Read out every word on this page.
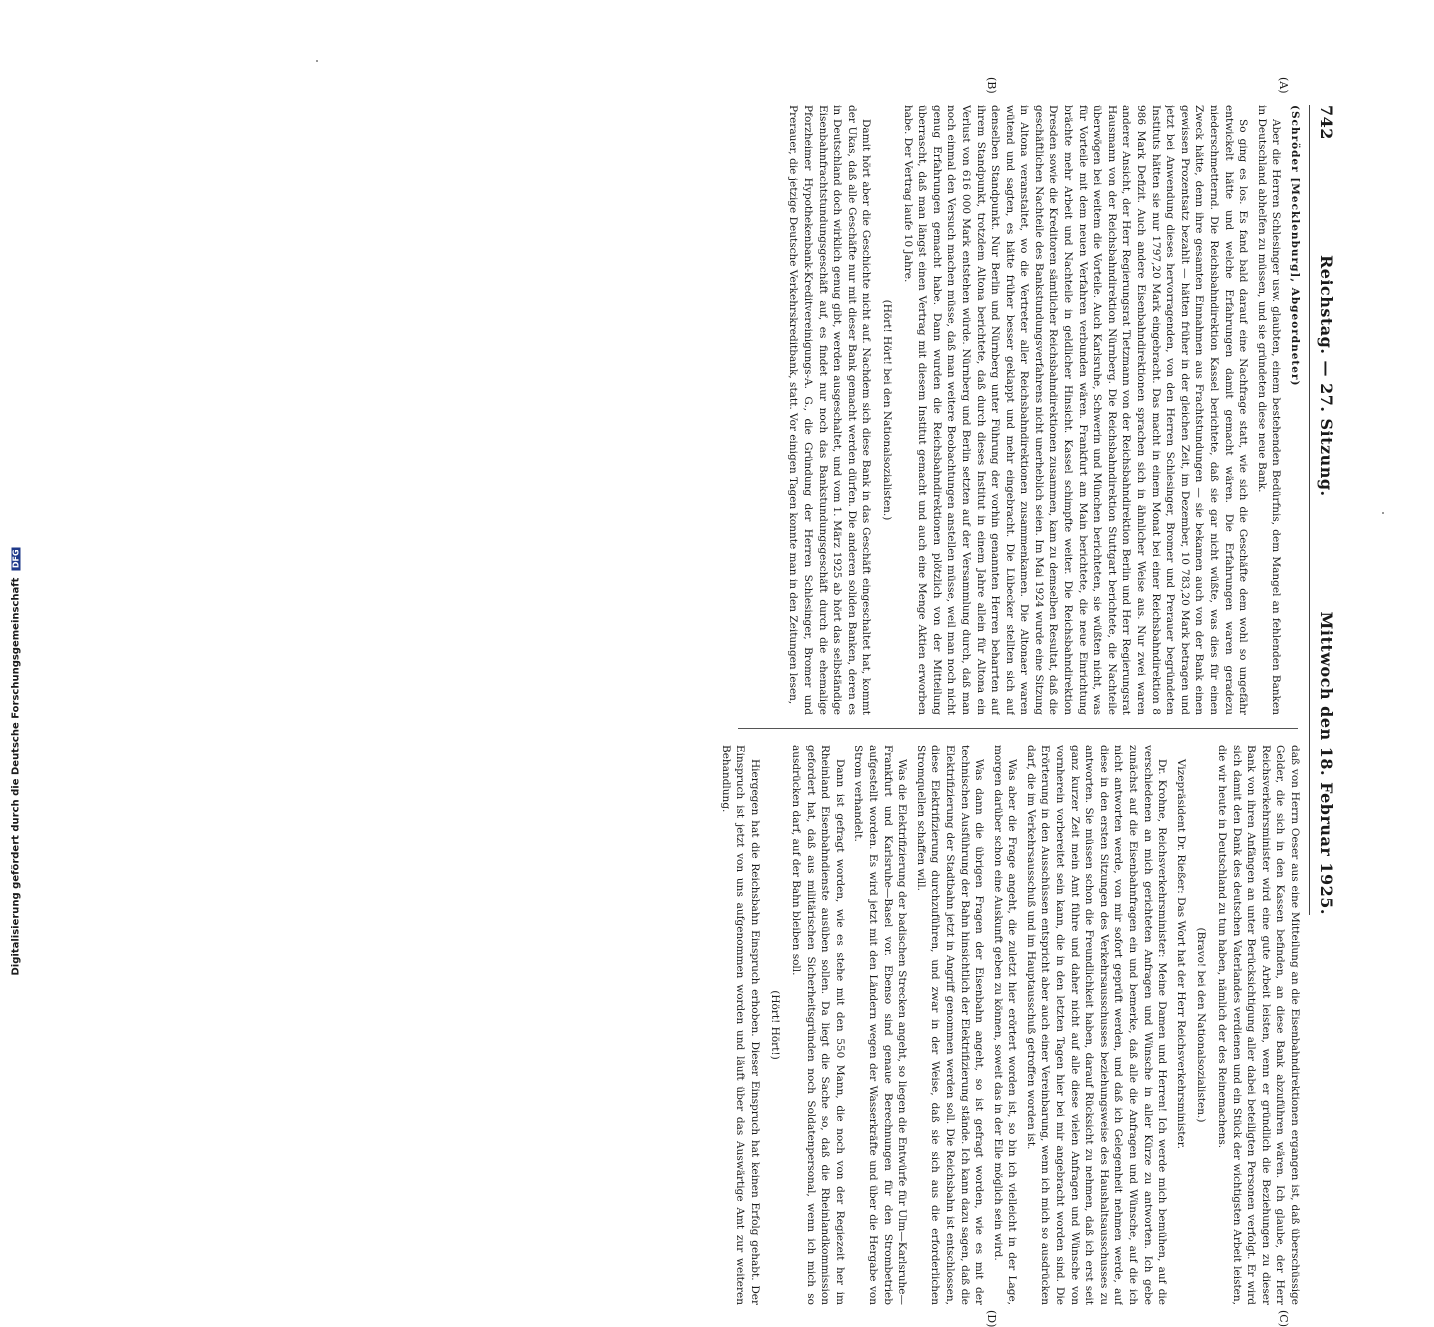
742
Reichstag. — 27. Sitzung.
Mittwoch den 18. Februar 1925.
(A)
(B)

(Schröder [Mecklenburg], Abgeordneter)

Aber die Herren Schlesinger usw. glaubten, einem bestehenden Bedürfnis, dem Mangel an fehlenden Banken in Deutschland abhelfen zu müssen, und sie gründeten diese neue Bank.

So ging es los. Es fand bald darauf eine Nachfrage statt, wie sich die Geschäfte dem wohl so ungefähr entwickelt hätte und welche Erfahrungen damit gemacht wären. Die Erfahrungen waren geradezu niederschmetternd. Die Reichsbahndirektion Kassel berichtete, daß sie gar nicht wüßte, was dies für einen Zweck hätte, denn ihre gesamten Einnahmen aus Frachtstundungen — sie bekamen auch von der Bank einen gewissen Prozentsatz bezahlt — hätten früher in der gleichen Zeit, im Dezember, 10 783,20 Mark betragen und jetzt bei Anwendung dieses hervorragenden, von den Herren Schlesinger, Bromer und Prerauer begründeten Instituts hätten sie nur 1797,20 Mark eingebracht. Das macht in einem Monat bei einer Reichsbahndirektion 8 986 Mark Defizit. Auch andere Eisenbahndirektionen sprachen sich in ähnlicher Weise aus. Nur zwei waren anderer Ansicht, der Herr Regierungsrat Tietzmann von der Reichsbahndirektion Berlin und Herr Regierungsrat Hausmann von der Reichsbahndirektion Nürnberg. Die Reichsbahndirektion Stuttgart berichtete, die Nachteile überwögen bei weitem die Vorteile. Auch Karlsruhe, Schwerin und München berichteten, sie wüßten nicht, was für Vorteile mit dem neuen Verfahren verbunden wären. Frankfurt am Main berichtete, die neue Einrichtung brächte mehr Arbeit und Nachteile in geldlicher Hinsicht. Kassel schimpfte weiter. Die Reichsbahndirektion Dresden sowie die Kreditoren sämtlicher Reichsbahndirektionen zusammen, kam zu demselben Resultat, daß die geschäftlichen Nachteile des Bankstundungsverfahrens nicht unerheblich seien. Im Mai 1924 wurde eine Sitzung in Altona veranstaltet, wo die Vertreter aller Reichsbahndirektionen zusammenkamen. Die Altonaer waren wütend und sagten, es hätte früher besser geklappt und mehr eingebracht. Die Lübecker stellten sich auf denselben Standpunkt. Nur Berlin und Nürnberg unter Führung der vorhin genannten Herren beharrten auf ihrem Standpunkt, trotzdem Altona berichtete, daß durch dieses Institut in einem Jahre allein für Altona ein Verlust von 616 000 Mark entstehen würde. Nürnberg und Berlin setzten auf der Versammlung durch, daß man noch einmal den Versuch machen müsse, daß man weitere Beobachtungen anstellen müsse, weil man noch nicht genug Erfahrungen gemacht habe. Dann wurden die Reichsbahndirektionen plötzlich von der Mitteilung überrascht, daß man längst einen Vertrag mit diesem Institut gemacht und auch eine Menge Aktien erworben habe. Der Vertrag laufe 10 Jahre.

(Hört! Hört! bei den Nationalsozialisten.)

Damit hört aber die Geschichte nicht auf. Nachdem sich diese Bank in das Geschäft eingeschaltet hat, kommt der Ukas, daß alle Geschäfte nur mit dieser Bank gemacht werden dürfen. Die anderen soliden Banken, deren es in Deutschland doch wirklich genug gibt, werden ausgeschaltet, und vom 1. März 1925 ab hört das selbständige Eisenbahnfrachtstundungsgeschäft auf, es findet nur noch das Bankstundungsgeschäft durch die ehemalige Pforzheimer Hypothekenbank-Kreditvereinigungs-A. G., die Gründung der Herren Schlesinger, Bromer und Prerauer, die jetzige Deutsche Verkehrskreditbank, statt. Vor einigen Tagen konnte man in den Zeitungen lesen,

daß von Herrn Oeser aus eine Mitteilung an die Eisenbahndirektionen ergangen ist, daß überschüssige Gelder, die sich in den Kassen befinden, an diese Bank abzuführen wären. Ich glaube, der Herr Reichsverkehrsminister wird eine gute Arbeit leisten, wenn er gründlich die Beziehungen zu dieser Bank von ihren Anfängen an unter Berücksichtigung aller dabei beteiligten Personen verfolgt. Er wird sich damit den Dank des deutschen Vaterlandes verdienen und ein Stück der wichtigsten Arbeit leisten, die wir heute in Deutschland zu tun haben, nämlich der des Reinemachens.

(Bravo! bei den Nationalsozialisten.)

Vizepräsident Dr. Rießer: Das Wort hat der Herr Reichsverkehrsminister.

Dr. Krohne, Reichsverkehrsminister: Meine Damen und Herren! Ich werde mich bemühen, auf die verschiedenen an mich gerichteten Anfragen und Wünsche in aller Kürze zu antworten. Ich gebe zunächst auf die Eisenbahnfragen ein und bemerke, daß alle die Anfragen und Wünsche, auf die ich nicht antworten werde, von mir sofort geprüft werden, und daß ich Gelegenheit nehmen werde, auf diese in den ersten Sitzungen des Verkehrsausschusses beziehungsweise des Haushaltsausschusses zu antworten. Sie müssen schon die Freundlichkeit haben, darauf Rücksicht zu nehmen, daß ich erst seit ganz kurzer Zeit mein Amt führe und daher nicht auf alle diese vielen Anfragen und Wünsche von vornherein vorbereitet sein kann, die in den letzten Tagen hier bei mir angebracht worden sind. Die Erörterung in den Ausschüssen entspricht aber auch einer Vereinbarung, wenn ich mich so ausdrücken darf, die im Verkehrsausschuß und im Hauptausschuß getroffen worden ist.

Was aber die Frage angeht, die zuletzt hier erörtert worden ist, so bin ich vielleicht in der Lage, morgen darüber schon eine Auskunft geben zu können, soweit das in der Eile möglich sein wird.

Was dann die übrigen Fragen der Eisenbahn angeht, so ist gefragt worden, wie es mit der technischen Ausführung der Bahn hinsichtlich der Elektrifizierung stände. Ich kann dazu sagen, daß die Elektrifizierung der Stadtbahn jetzt in Angriff genommen werden soll. Die Reichsbahn ist entschlossen, diese Elektrifizierung durchzuführen, und zwar in der Weise, daß sie sich aus die erforderlichen Stromquellen schaffen will.

Was die Elektrifizierung der badischen Strecken angeht, so liegen die Entwürfe für Ulm—Karlsruhe—Frankfurt und Karlsruhe—Basel vor. Ebenso sind genaue Berechnungen für den Strombetrieb aufgestellt worden. Es wird jetzt mit den Ländern wegen der Wasserkräfte und über die Hergabe von Strom verhandelt.

Dann ist gefragt worden, wie es stehe mit den 550 Mann, die noch von der Regiezeit her im Rheinland Eisenbahndienste ausüben sollen. Da liegt die Sache so, daß die Rheinlandkommission gefordert hat, daß aus militärischen Sicherheitsgründen noch Soldatenpersonal, wenn ich mich so ausdrücken darf, auf der Bahn bleiben soll.

(Hört! Hört!)

Hiergegen hat die Reichsbahn Einspruch erhoben. Dieser Einspruch hat keinen Erfolg gehabt. Der Einspruch ist jetzt von uns aufgenommen worden und läuft über das Auswärtige Amt zur weiteren Behandlung.

(C)
(D)
Digitalisierung gefördert durch die Deutsche Forschungsgemeinschaft DFG
